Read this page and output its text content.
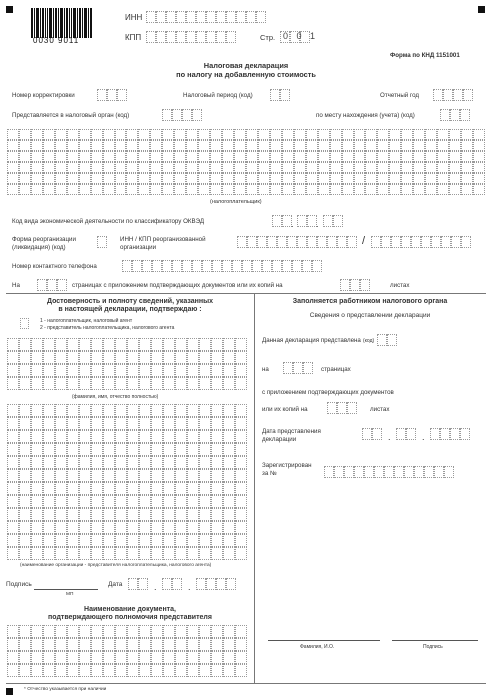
0030 9011
ИНН
КПП	Стр. 0 0 1
Форма по КНД 1151001
Налоговая декларация
по налогу на добавленную стоимость
Номер корректировки	Налоговый период (код)	Отчетный год
Представляется в налоговый орган (код)	по месту нахождения (учета) (код)
(налогоплательщик)
Код вида экономической деятельности по классификатору ОКВЭД	. .
Форма реорганизации
(ликвидация) (код)
ИНН / КПП реорганизованной
организации
/
Номер контактного телефона
На	страницах с приложением подтверждающих документов или их копий на	листах
Достоверность и полноту сведений, указанных
в настоящей декларации, подтверждаю :
1 - налогоплательщик, налоговый агент
2 - представитель налогоплательщика, налогового агента
(фамилия, имя, отчество полностью)
(наименование организации - представителя налогоплательщика, налогового агента)
Подпись	Дата	.	.
МП
Наименование документа,
подтверждающего полномочия представителя
Заполняется работником налогового органа
Сведения о представлении декларации
Данная декларация представлена (код)
на	страницах
с приложением подтверждающих документов
или их копий на	листах
Дата представления
декларации	.	.
Зарегистрирован
за №
Фамилия, И.О.	Подпись
* Отчество указывается при наличии
